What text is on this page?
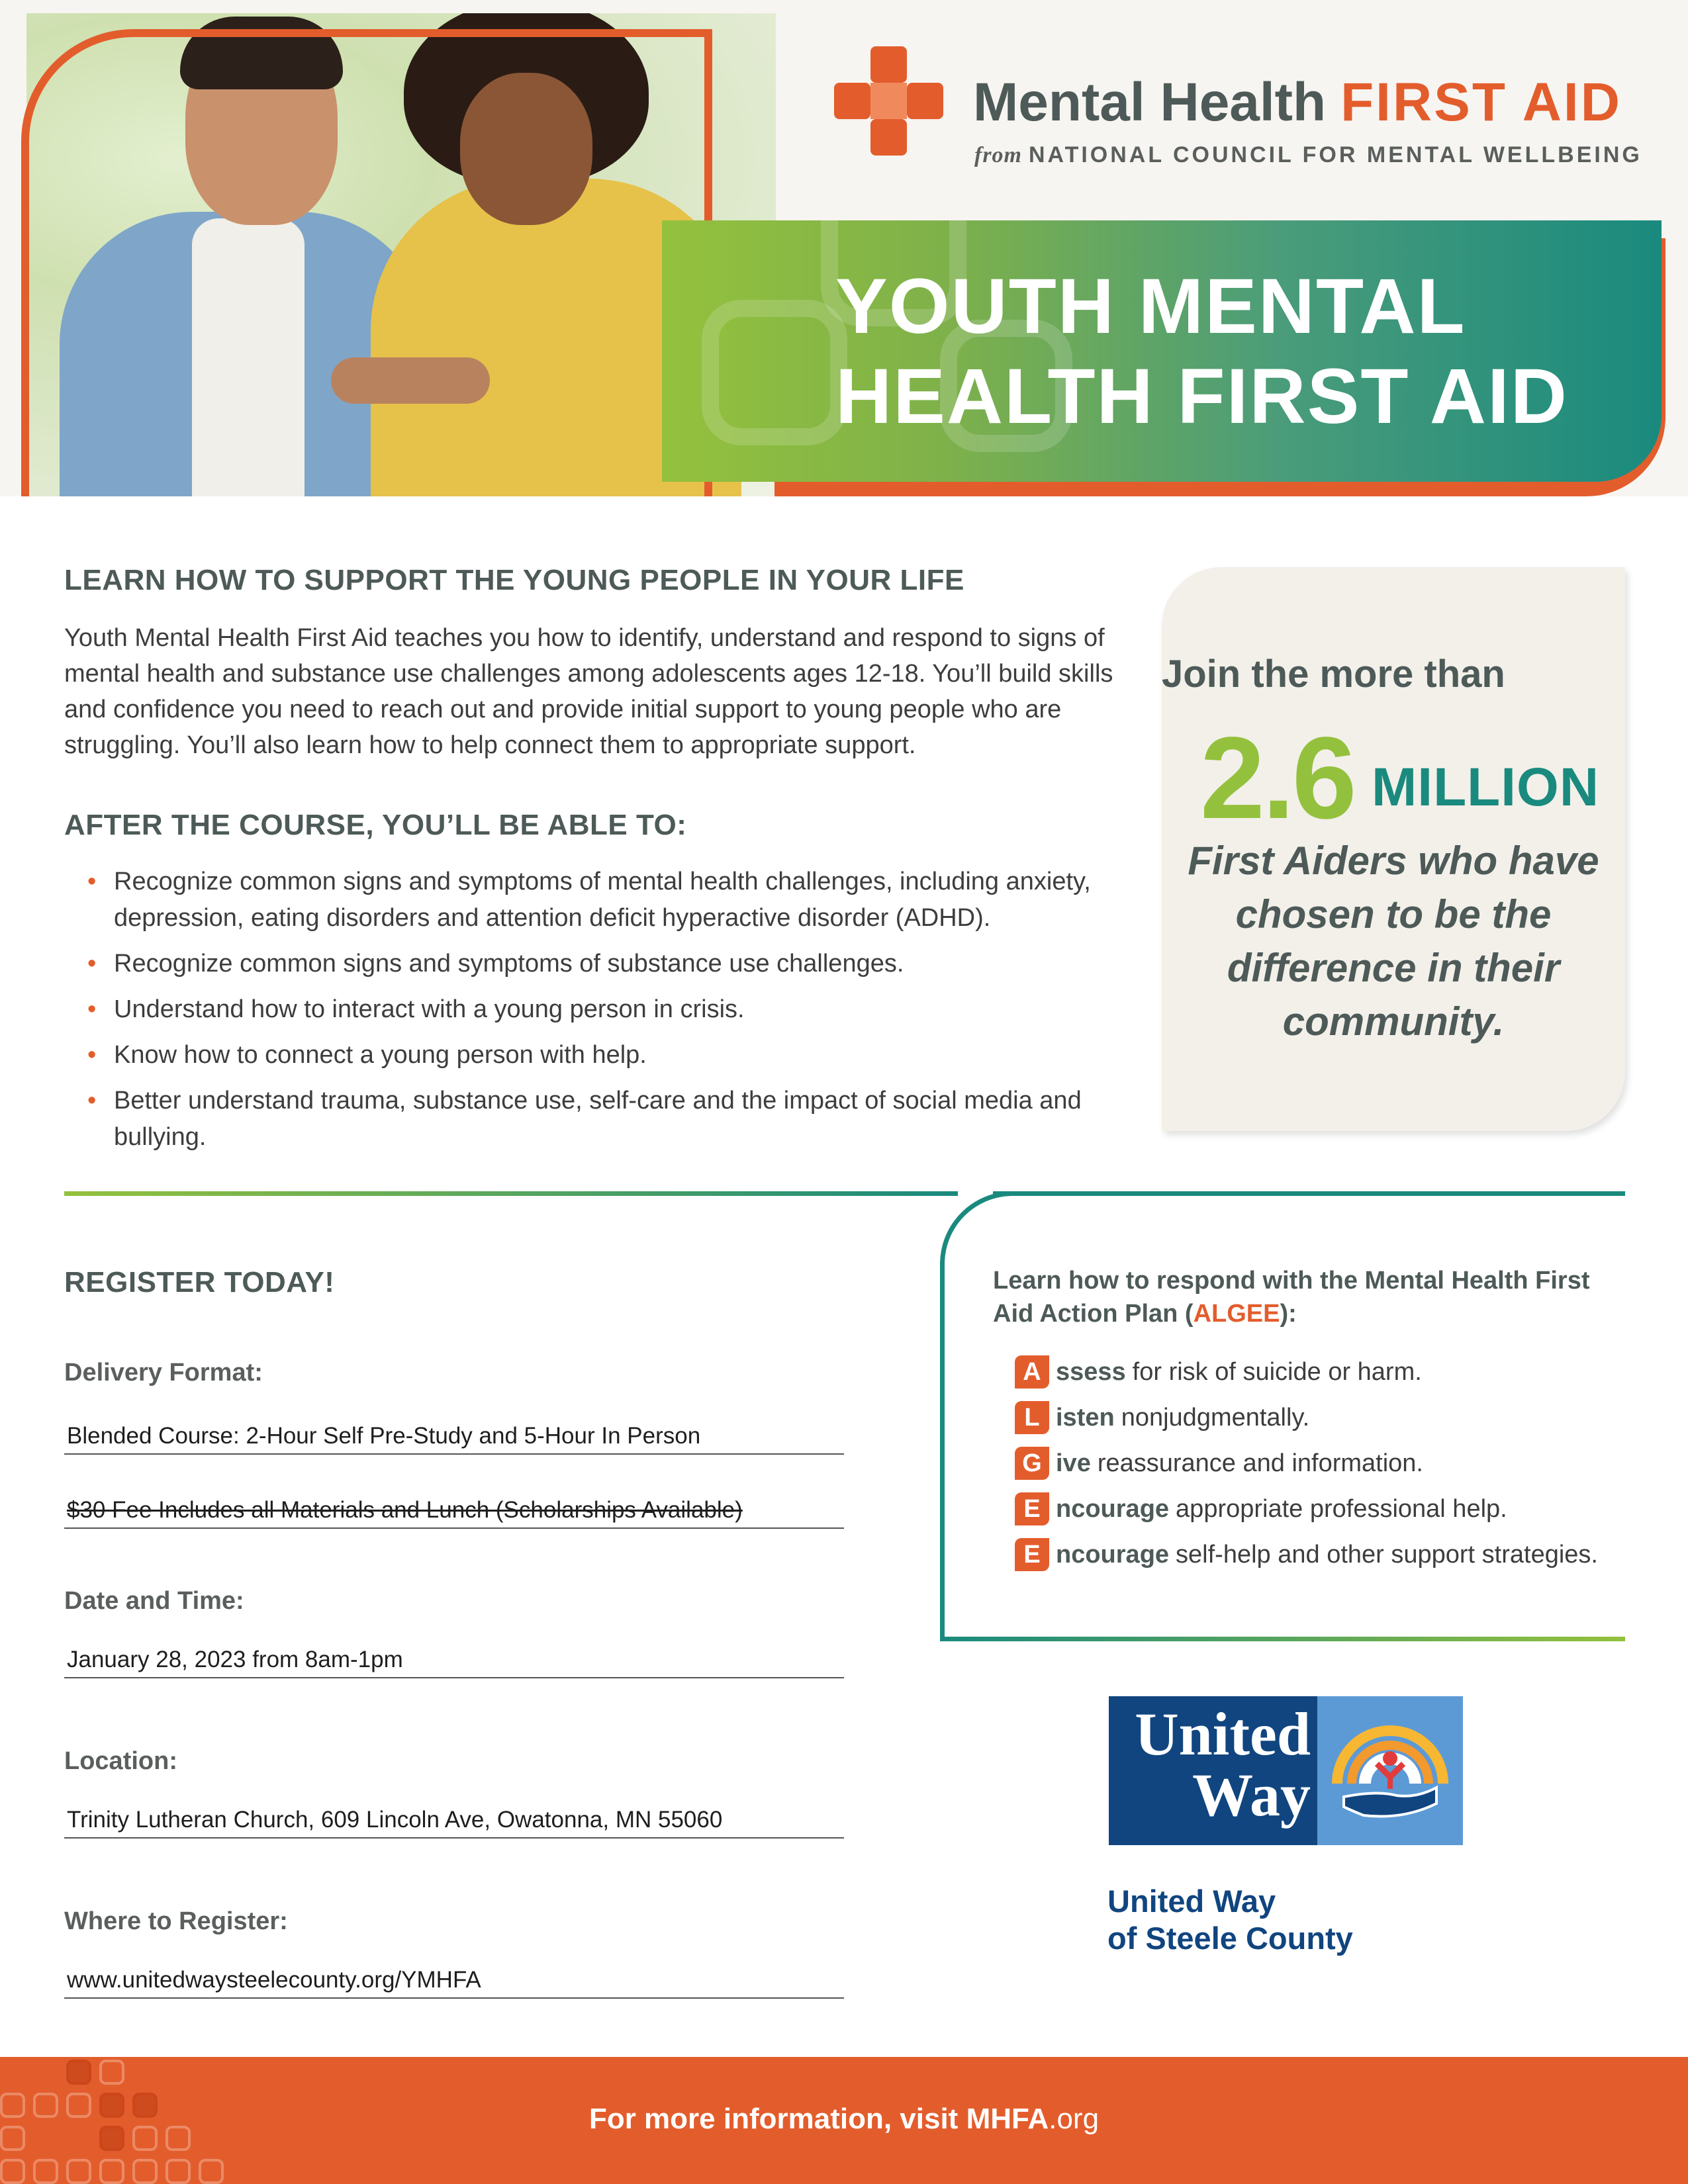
Mental Health FIRST AID
from NATIONAL COUNCIL FOR MENTAL WELLBEING
YOUTH MENTAL
HEALTH FIRST AID
LEARN HOW TO SUPPORT THE YOUNG PEOPLE IN YOUR LIFE

Youth Mental Health First Aid teaches you how to identify, understand and respond to signs of mental health and substance use challenges among adolescents ages 12-18. You’ll build skills and confidence you need to reach out and provide initial support to young people who are struggling. You’ll also learn how to help connect them to appropriate support.

AFTER THE COURSE, YOU’LL BE ABLE TO:
• Recognize common signs and symptoms of mental health challenges, including anxiety, depression, eating disorders and attention deficit hyperactive disorder (ADHD).
• Recognize common signs and symptoms of substance use challenges.
• Understand how to interact with a young person in crisis.
• Know how to connect a young person with help.
• Better understand trauma, substance use, self-care and the impact of social media and bullying.
Join the more than
2.6 MILLION
First Aiders who have chosen to be the difference in their community.
REGISTER TODAY!
Delivery Format:
Blended Course: 2-Hour Self Pre-Study and 5-Hour In Person
$30 Fee Includes all Materials and Lunch (Scholarships Available)
Date and Time:
January 28, 2023 from 8am-1pm
Location:
Trinity Lutheran Church, 609 Lincoln Ave, Owatonna, MN 55060
Where to Register:
www.unitedwaysteelecounty.org/YMHFA
Learn how to respond with the Mental Health First Aid Action Plan (ALGEE):
A ssess for risk of suicide or harm.
L isten nonjudgmentally.
G ive reassurance and information.
E ncourage appropriate professional help.
E ncourage self-help and other support strategies.
United
Way
United Way
of Steele County
For more information, visit MHFA.org
